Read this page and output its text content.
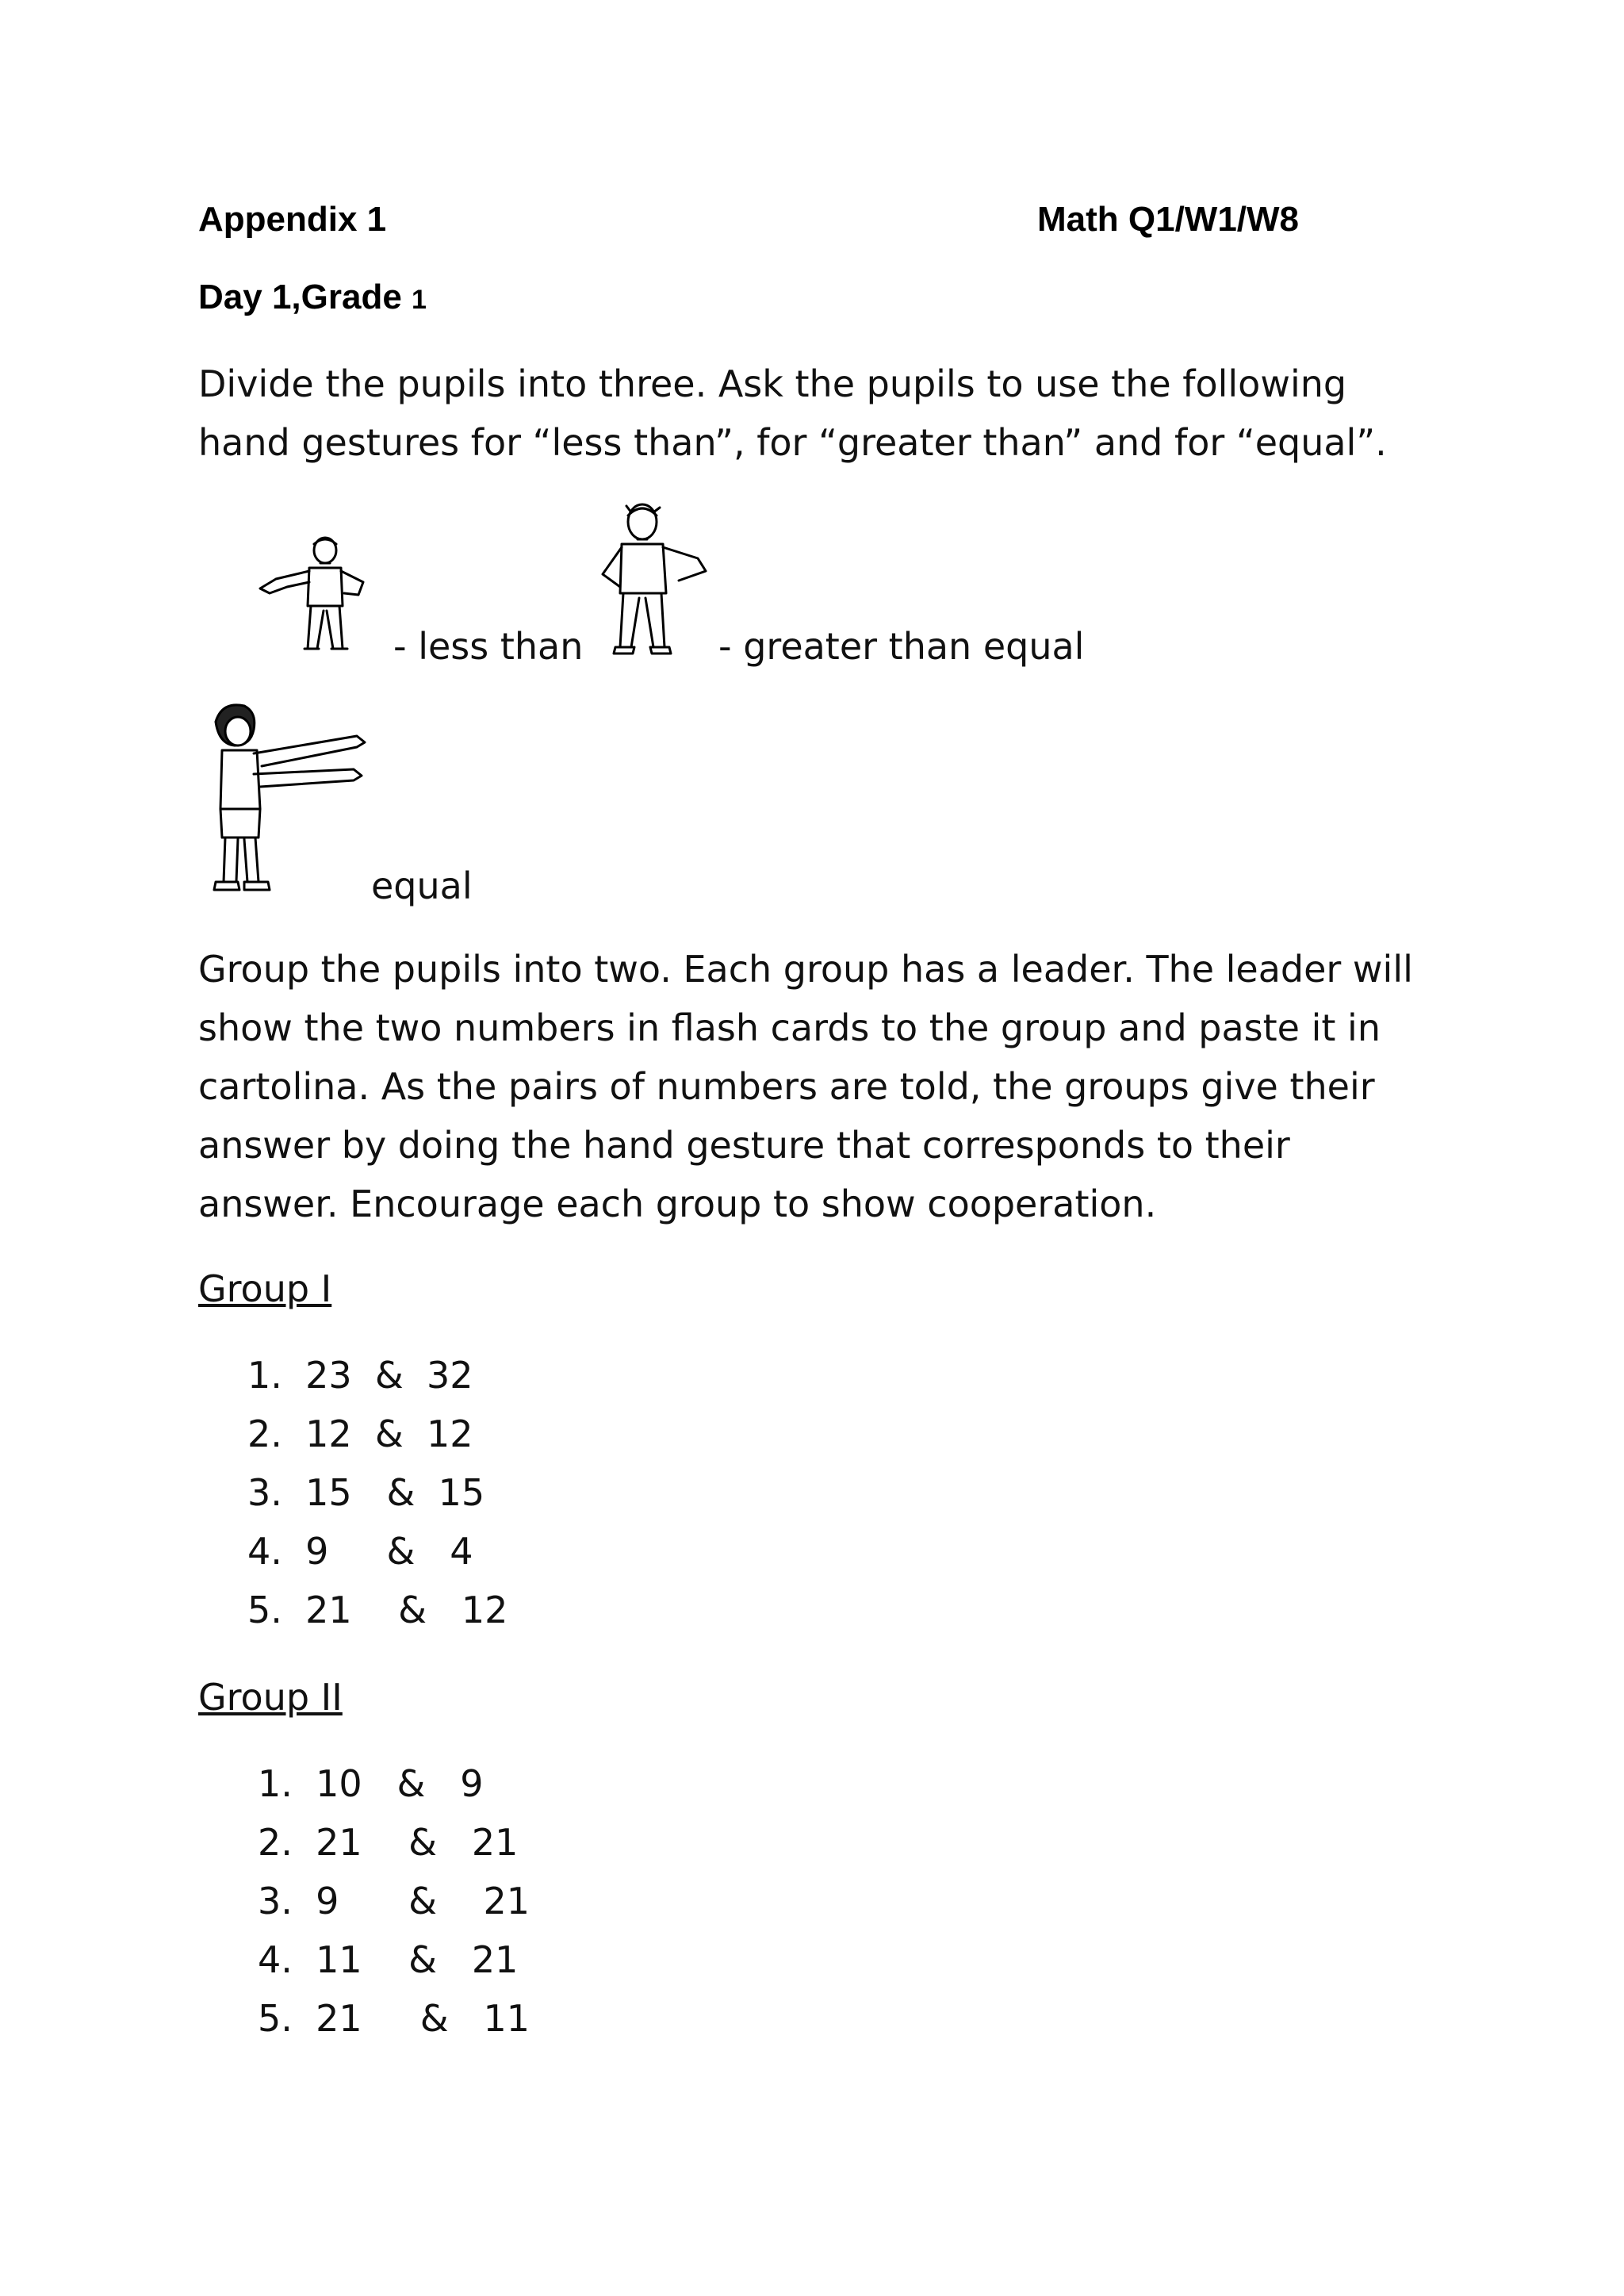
Appendix 1	Math Q1/W1/W8
Day 1,Grade 1
Divide the pupils into three. Ask the pupils to use the following hand gestures for “less than”, for “greater than” and for “equal”.
- less than	- greater than equal
equal
Group the pupils into two. Each group has a leader. The leader will show the two numbers in flash cards to the group and paste it in cartolina. As the pairs of numbers are told, the groups give their answer by doing the hand gesture that corresponds to their answer. Encourage each group to show cooperation.
Group I
1.  23  &  32
2.  12  &  12
3.  15   &  15
4.  9     &   4
5.  21    &   12
Group II
1.  10   &   9
2.  21    &   21
3.  9      &    21
4.  11    &   21
5.  21     &   11
